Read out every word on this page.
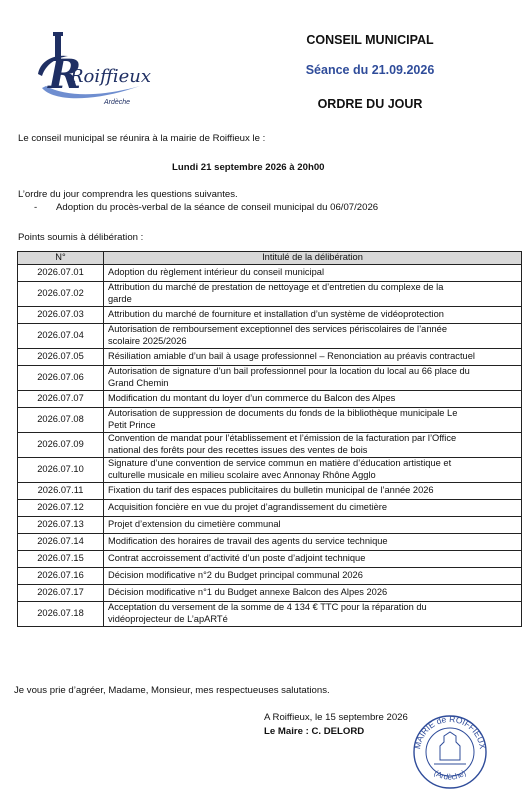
R
Roiffieux
Ardèche
CONSEIL MUNICIPAL
Séance du 21.09.2026
ORDRE DU JOUR
Le conseil municipal se réunira à la mairie de Roiffieux le :
Lundi 21 septembre 2026 à 20h00
L’ordre du jour comprendra les questions suivantes.
- Adoption du procès-verbal de la séance de conseil municipal du 06/07/2026
Points soumis à délibération :
N°	Intitulé de la délibération
2026.07.01	Adoption du règlement intérieur du conseil municipal

2026.07.02	Attribution du marché de prestation de nettoyage et d’entretien du complexe de la
garde

2026.07.03	Attribution du marché de fourniture et installation d’un système de vidéoprotection

2026.07.04	Autorisation de remboursement exceptionnel des services périscolaires de l’année
scolaire 2025/2026

2026.07.05	Résiliation amiable d’un bail à usage professionnel – Renonciation au préavis contractuel

2026.07.06	Autorisation de signature d’un bail professionnel pour la location du local au 66 place du
Grand Chemin

2026.07.07	Modification du montant du loyer d’un commerce du Balcon des Alpes

2026.07.08	Autorisation de suppression de documents du fonds de la bibliothèque municipale Le
Petit Prince

2026.07.09	Convention de mandat pour l’établissement et l’émission de la facturation par l’Office
national des forêts pour des recettes issues des ventes de bois

2026.07.10	Signature d’une convention de service commun en matière d’éducation artistique et
culturelle musicale en milieu scolaire avec Annonay Rhône Agglo

2026.07.11	Fixation du tarif des espaces publicitaires du bulletin municipal de l’année 2026

2026.07.12	Acquisition foncière en vue du projet d’agrandissement du cimetière

2026.07.13	Projet d’extension du cimetière communal

2026.07.14	Modification des horaires de travail des agents du service technique

2026.07.15	Contrat accroissement d’activité d’un poste d’adjoint technique

2026.07.16	Décision modificative n°2 du Budget principal communal 2026

2026.07.17	Décision modificative n°1 du Budget annexe Balcon des Alpes 2026

2026.07.18	Acceptation du versement de la somme de 4 134 € TTC pour la réparation du
vidéoprojecteur de L’apARTé
Je vous prie d’agréer, Madame, Monsieur, mes respectueuses salutations.
A Roiffieux, le 15 septembre 2026
Le Maire : C. DELORD
MAIRIE de ROIFFIEUX
(Ardèche)
